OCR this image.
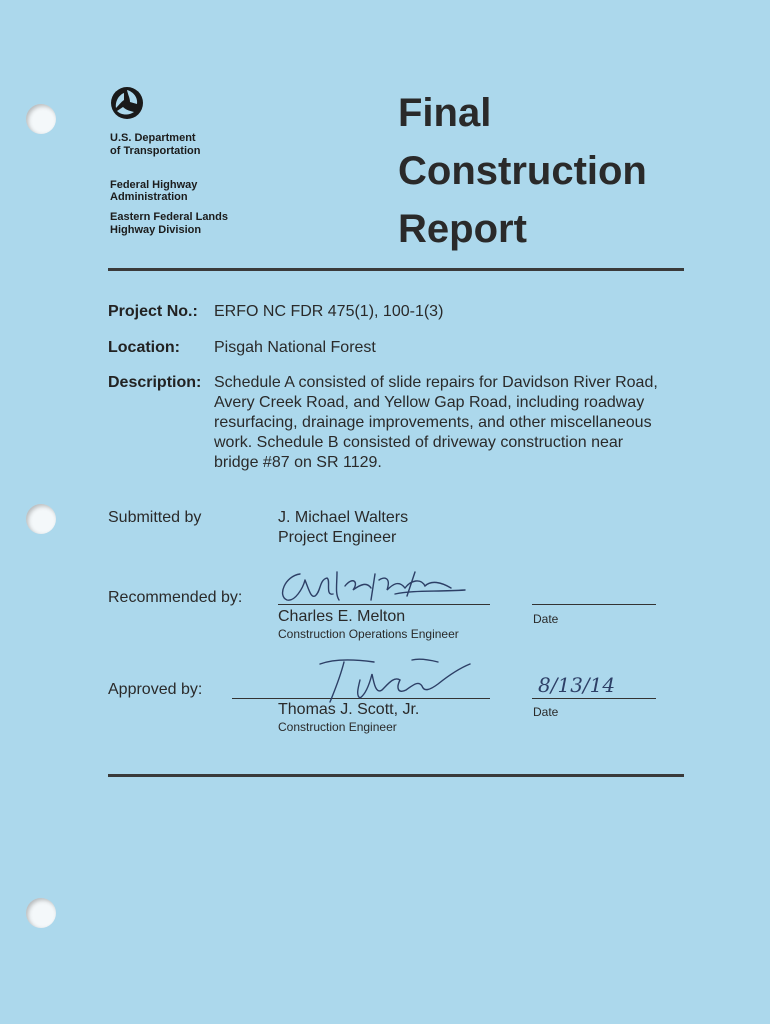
U.S. Department
of Transportation
Federal Highway
Administration
Eastern Federal Lands
Highway Division
Final
Construction
Report
Project No.: ERFO NC FDR 475(1), 100-1(3)
Location: Pisgah National Forest
Description: Schedule A consisted of slide repairs for Davidson River Road,
Avery Creek Road, and Yellow Gap Road, including roadway
resurfacing, drainage improvements, and other miscellaneous
work. Schedule B consisted of driveway construction near
bridge #87 on SR 1129.
Submitted by	J. Michael Walters
Project Engineer
Recommended by:
Charles E. Melton
Construction Operations Engineer
Date
Approved by:
Thomas J. Scott, Jr.
Construction Engineer
8/13/14
Date
